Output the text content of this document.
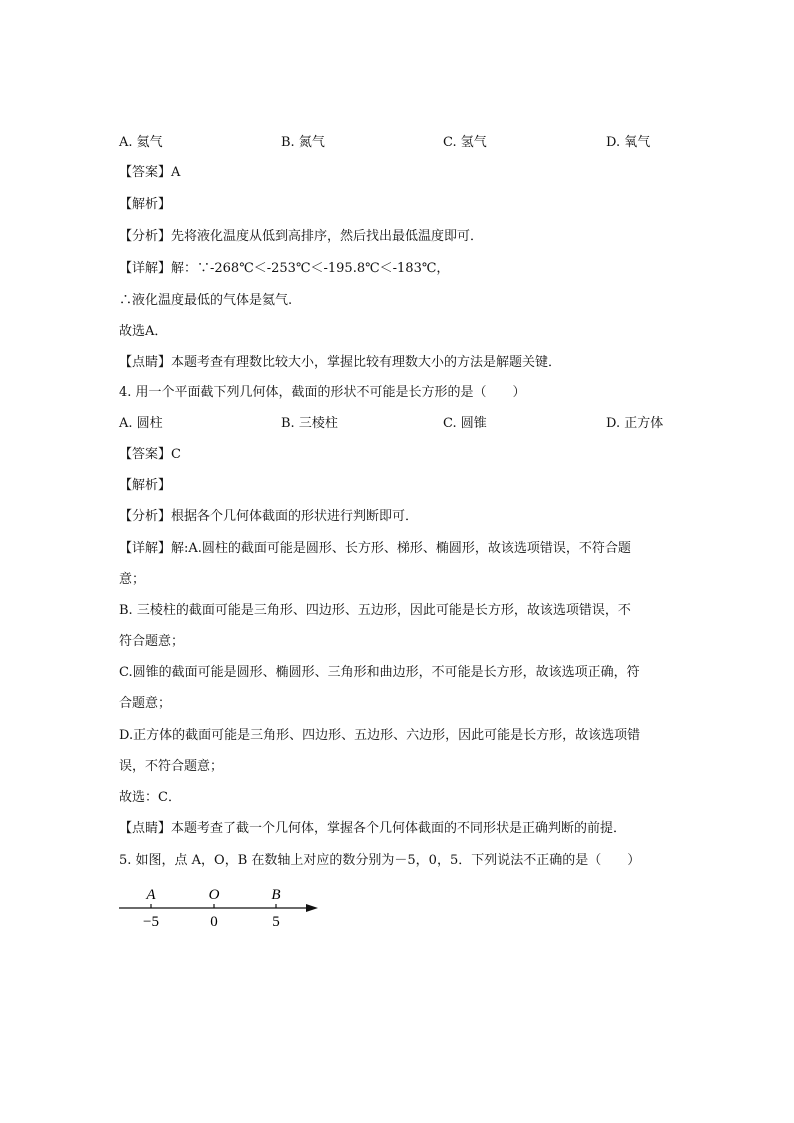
A. 氦气	B. 氮气	C. 氢气	D. 氧气
【答案】A
【解析】
【分析】先将液化温度从低到高排序，然后找出最低温度即可．
【详解】解：∵-268℃＜-253℃＜-195.8℃＜-183℃，
∴液化温度最低的气体是氦气.
故选A．
【点睛】本题考查有理数比较大小，掌握比较有理数大小的方法是解题关键．
4. 用一个平面截下列几何体，截面的形状不可能是长方形的是（　　）
A. 圆柱	B. 三棱柱	C. 圆锥	D. 正方体
【答案】C
【解析】
【分析】根据各个几何体截面的形状进行判断即可．
【详解】解:A.圆柱的截面可能是圆形、长方形、梯形、椭圆形，故该选项错误，不符合题
意；
B. 三棱柱的截面可能是三角形、四边形、五边形，因此可能是长方形，故该选项错误，不
符合题意；
C.圆锥的截面可能是圆形、椭圆形、三角形和曲边形，不可能是长方形，故该选项正确，符
合题意；
D.正方体的截面可能是三角形、四边形、五边形、六边形，因此可能是长方形，故该选项错
误，不符合题意；
故选：C．
【点睛】本题考查了截一个几何体，掌握各个几何体截面的不同形状是正确判断的前提．
5. 如图，点 A，O，B 在数轴上对应的数分别为－5，0，5．下列说法不正确的是（　　）
A	O	B
−5	0	5
